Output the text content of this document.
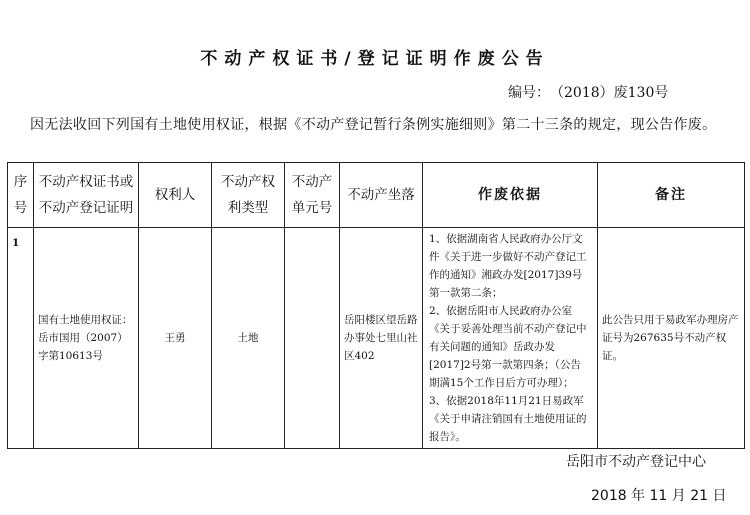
不动产权证书/登记证明作废公告
编号：　（2018）废130号
因无法收回下列国有土地使用权证，根据《不动产登记暂行条例实施细则》第二十三条的规定，现公告作废。
序号	不动产权证书或不动产登记证明	权利人	不动产权利类型	不动产单元号	不动产坐落	作废依据	备注
1	国有土地使用权证：岳市国用（2007）字第10613号	王勇	土地		岳阳楼区望岳路办事处七里山社区402	1、依据湖南省人民政府办公厅文件《关于进一步做好不动产登记工作的通知》湘政办发[2017]39号第一款第二条；
2、依据岳阳市人民政府办公室《关于妥善处理当前不动产登记中有关问题的通知》岳政办发[2017]2号第一款第四条；（公告期满15个工作日后方可办理）；
3、依据2018年11月21日易政军《关于申请注销国有土地使用证的报告》。	此公告只用于易政军办理房产证号为267635号不动产权证。
岳阳市不动产登记中心
2018 年 11 月 21 日
